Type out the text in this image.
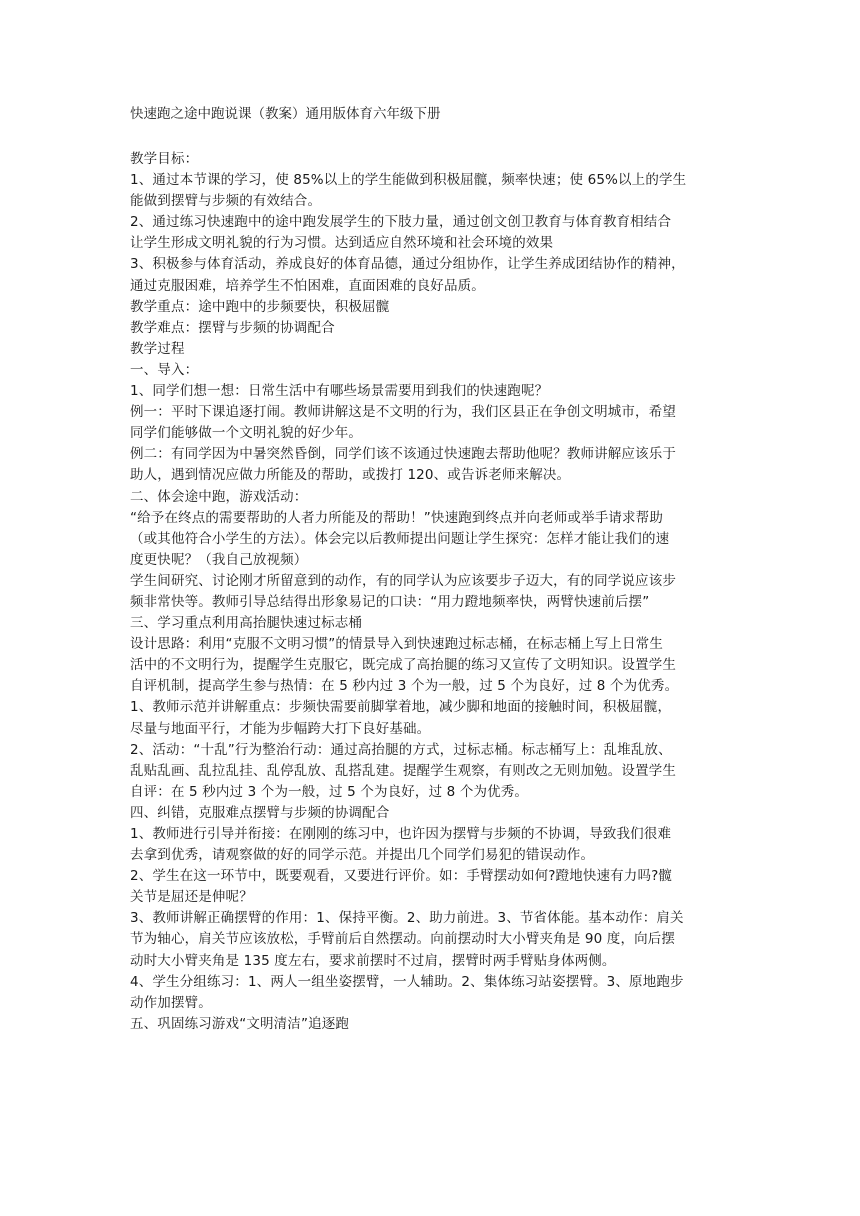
快速跑之途中跑说课（教案）通用版体育六年级下册

教学目标：

1、通过本节课的学习，使 85%以上的学生能做到积极屈髋，频率快速；使 65%以上的学生

能做到摆臂与步频的有效结合。

2、通过练习快速跑中的途中跑发展学生的下肢力量，通过创文创卫教育与体育教育相结合

让学生形成文明礼貌的行为习惯。达到适应自然环境和社会环境的效果

3、积极参与体育活动，养成良好的体育品德，通过分组协作，让学生养成团结协作的精神，

通过克服困难，培养学生不怕困难，直面困难的良好品质。

教学重点：途中跑中的步频要快，积极屈髋

教学难点：摆臂与步频的协调配合

教学过程

一、导入：

1、同学们想一想：日常生活中有哪些场景需要用到我们的快速跑呢？

例一：平时下课追逐打闹。教师讲解这是不文明的行为，我们区县正在争创文明城市，希望

同学们能够做一个文明礼貌的好少年。

例二：有同学因为中暑突然昏倒，同学们该不该通过快速跑去帮助他呢？教师讲解应该乐于

助人，遇到情况应做力所能及的帮助，或拨打 120、或告诉老师来解决。

二、体会途中跑，游戏活动：

“给予在终点的需要帮助的人者力所能及的帮助！”快速跑到终点并向老师或举手请求帮助

（或其他符合小学生的方法）。体会完以后教师提出问题让学生探究：怎样才能让我们的速

度更快呢？（我自己放视频）

学生间研究、讨论刚才所留意到的动作，有的同学认为应该要步子迈大，有的同学说应该步

频非常快等。教师引导总结得出形象易记的口诀：“用力蹬地频率快，两臂快速前后摆”

三、学习重点利用高抬腿快速过标志桶

设计思路：利用“克服不文明习惯”的情景导入到快速跑过标志桶，在标志桶上写上日常生

活中的不文明行为，提醒学生克服它，既完成了高抬腿的练习又宣传了文明知识。设置学生

自评机制，提高学生参与热情：在 5 秒内过 3 个为一般，过 5 个为良好，过 8 个为优秀。

1、教师示范并讲解重点：步频快需要前脚掌着地，减少脚和地面的接触时间，积极屈髋，

尽量与地面平行，才能为步幅跨大打下良好基础。

2、活动：“十乱”行为整治行动：通过高抬腿的方式，过标志桶。标志桶写上：乱堆乱放、

乱贴乱画、乱拉乱挂、乱停乱放、乱搭乱建。提醒学生观察，有则改之无则加勉。设置学生

自评：在 5 秒内过 3 个为一般，过 5 个为良好，过 8 个为优秀。

四、纠错，克服难点摆臂与步频的协调配合

1、教师进行引导并衔接：在刚刚的练习中，也许因为摆臂与步频的不协调，导致我们很难

去拿到优秀，请观察做的好的同学示范。并提出几个同学们易犯的错误动作。

2、学生在这一环节中，既要观看，又要进行评价。如：手臂摆动如何?蹬地快速有力吗?髋

关节是屈还是伸呢？

3、教师讲解正确摆臂的作用：1、保持平衡。2、助力前进。3、节省体能。基本动作：肩关

节为轴心，肩关节应该放松，手臂前后自然摆动。向前摆动时大小臂夹角是 90 度，向后摆

动时大小臂夹角是 135 度左右，要求前摆时不过肩，摆臂时两手臂贴身体两侧。

4、学生分组练习：1、两人一组坐姿摆臂，一人辅助。2、集体练习站姿摆臂。3、原地跑步

动作加摆臂。

五、巩固练习游戏“文明清洁”追逐跑
